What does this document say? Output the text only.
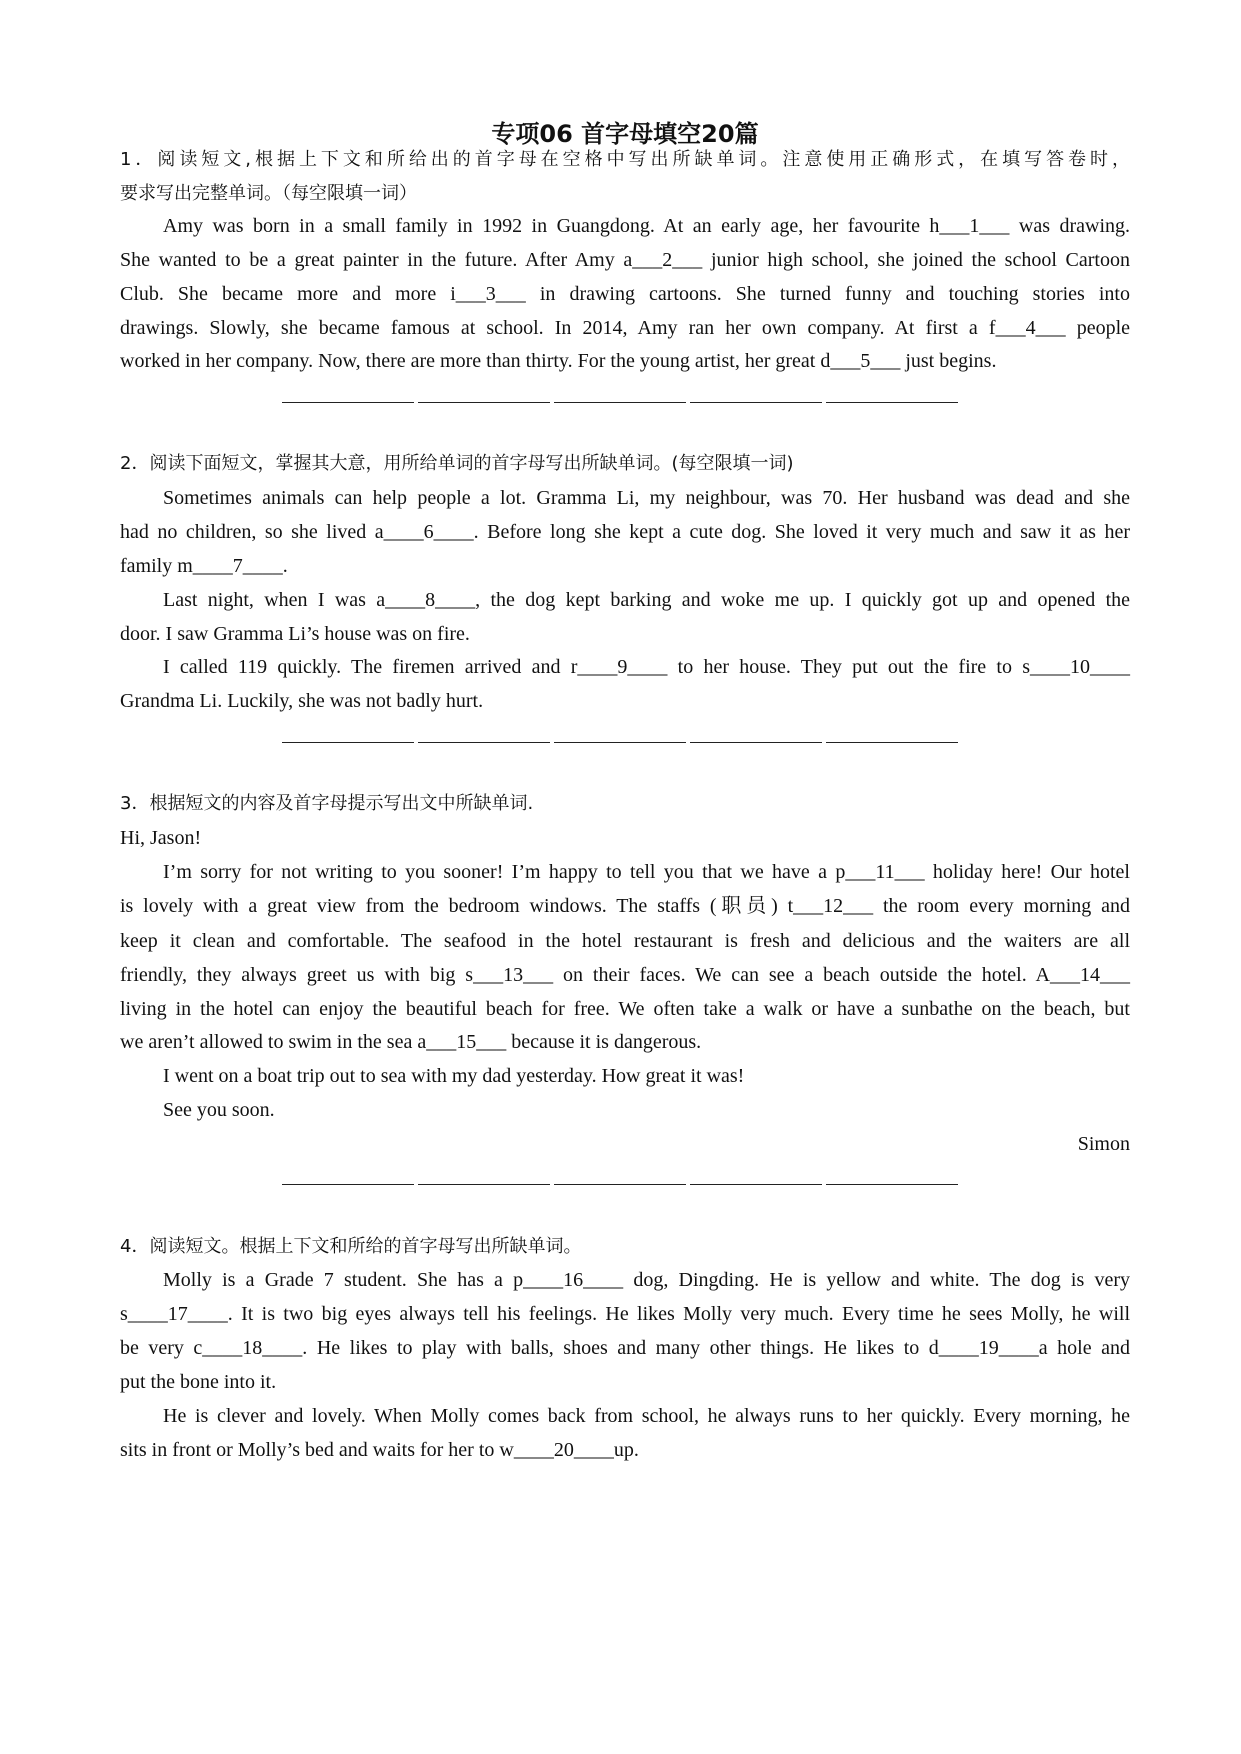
专项06 首字母填空20篇
1．阅读短文,根据上下文和所给出的首字母在空格中写出所缺单词。注意使用正确形式，在填写答卷时，
要求写出完整单词。（每空限填一词）
Amy was born in a small family in 1992 in Guangdong. At an early age, her favourite h___1___ was drawing.
She wanted to be a great painter in the future. After Amy a___2___ junior high school, she joined the school Cartoon
Club. She became more and more i___3___ in drawing cartoons. She turned funny and touching stories into
drawings. Slowly, she became famous at school. In 2014, Amy ran her own company. At first a f___4___ people
worked in her company. Now, there are more than thirty. For the young artist, her great d___5___ just begins.
2．阅读下面短文，掌握其大意，用所给单词的首字母写出所缺单词。(每空限填一词)
Sometimes animals can help people a lot. Gramma Li, my neighbour, was 70. Her husband was dead and she
had no children, so she lived a____6____. Before long she kept a cute dog. She loved it very much and saw it as her
family m____7____.
Last night, when I was a____8____, the dog kept barking and woke me up. I quickly got up and opened the
door. I saw Gramma Li’s house was on fire.
I called 119 quickly. The firemen arrived and r____9____ to her house. They put out the fire to s____10____
Grandma Li. Luckily, she was not badly hurt.
3．根据短文的内容及首字母提示写出文中所缺单词.
Hi, Jason!
I’m sorry for not writing to you sooner! I’m happy to tell you that we have a p___11___ holiday here! Our hotel
is lovely with a great view from the bedroom windows. The staffs (职员) t___12___ the room every morning and
keep it clean and comfortable. The seafood in the hotel restaurant is fresh and delicious and the waiters are all
friendly, they always greet us with big s___13___ on their faces. We can see a beach outside the hotel. A___14___
living in the hotel can enjoy the beautiful beach for free. We often take a walk or have a sunbathe on the beach, but
we aren’t allowed to swim in the sea a___15___ because it is dangerous.
I went on a boat trip out to sea with my dad yesterday. How great it was!
See you soon.
Simon
4．阅读短文。根据上下文和所给的首字母写出所缺单词。
Molly is a Grade 7 student. She has a p____16____ dog, Dingding. He is yellow and white. The dog is very
s____17____. It is two big eyes always tell his feelings. He likes Molly very much. Every time he sees Molly, he will
be very c____18____. He likes to play with balls, shoes and many other things. He likes to d____19____a hole and
put the bone into it.
He is clever and lovely. When Molly comes back from school, he always runs to her quickly. Every morning, he
sits in front or Molly’s bed and waits for her to w____20____up.
